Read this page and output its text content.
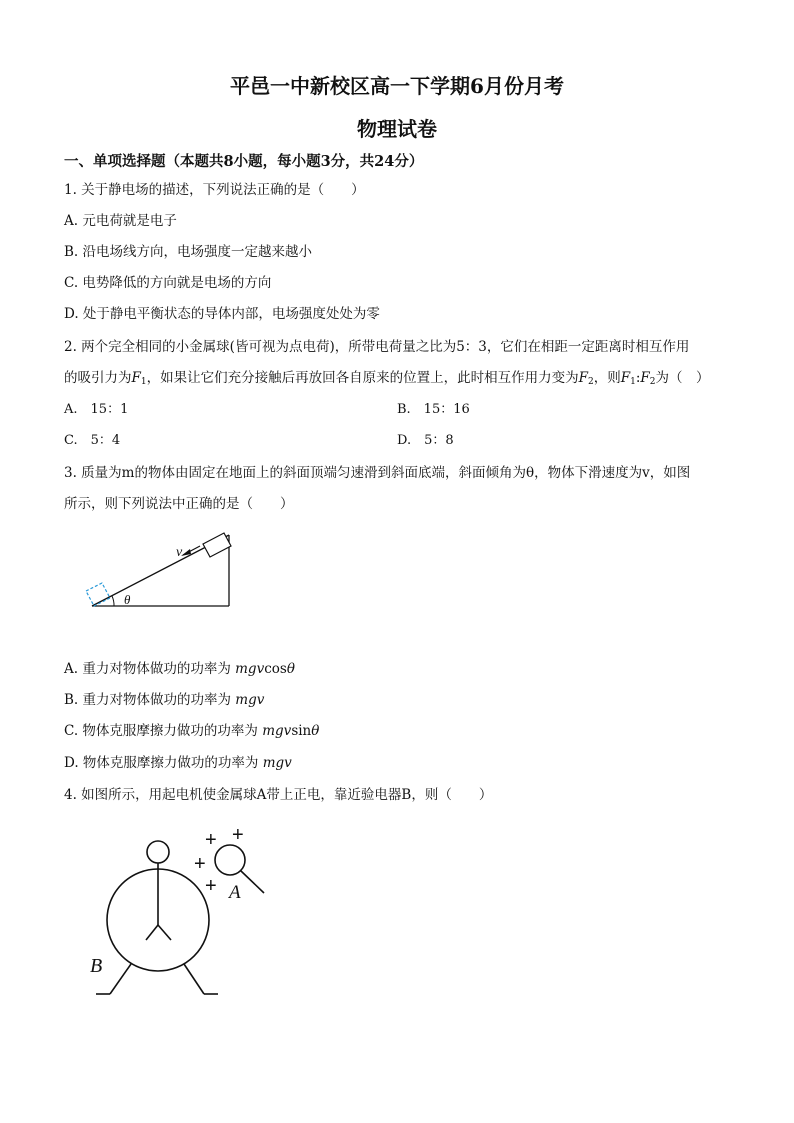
平邑一中新校区高一下学期6月份月考
物理试卷
一、单项选择题（本题共8小题，每小题3分，共24分）
1. 关于静电场的描述，下列说法正确的是（　　）
A. 元电荷就是电子
B. 沿电场线方向，电场强度一定越来越小
C. 电势降低的方向就是电场的方向
D. 处于静电平衡状态的导体内部，电场强度处处为零
2. 两个完全相同的小金属球(皆可视为点电荷)，所带电荷量之比为5：3，它们在相距一定距离时相互作用
的吸引力为$F_1$，如果让它们充分接触后再放回各自原来的位置上，此时相互作用力变为$F_2$，则$F_1:F_2$为（　）
A.　15：1	B.　15：16
C.　5：4	D.　5：8
3. 质量为m的物体由固定在地面上的斜面顶端匀速滑到斜面底端，斜面倾角为θ，物体下滑速度为v，如图
所示，则下列说法中正确的是（　　）
v
θ
A. 重力对物体做功的功率为 mgvcosθ
B. 重力对物体做功的功率为 mgv
C. 物体克服摩擦力做功的功率为 mgvsinθ
D. 物体克服摩擦力做功的功率为 mgv
4. 如图所示，用起电机使金属球A带上正电，靠近验电器B，则（　　）
+ +
+
+ A
B
